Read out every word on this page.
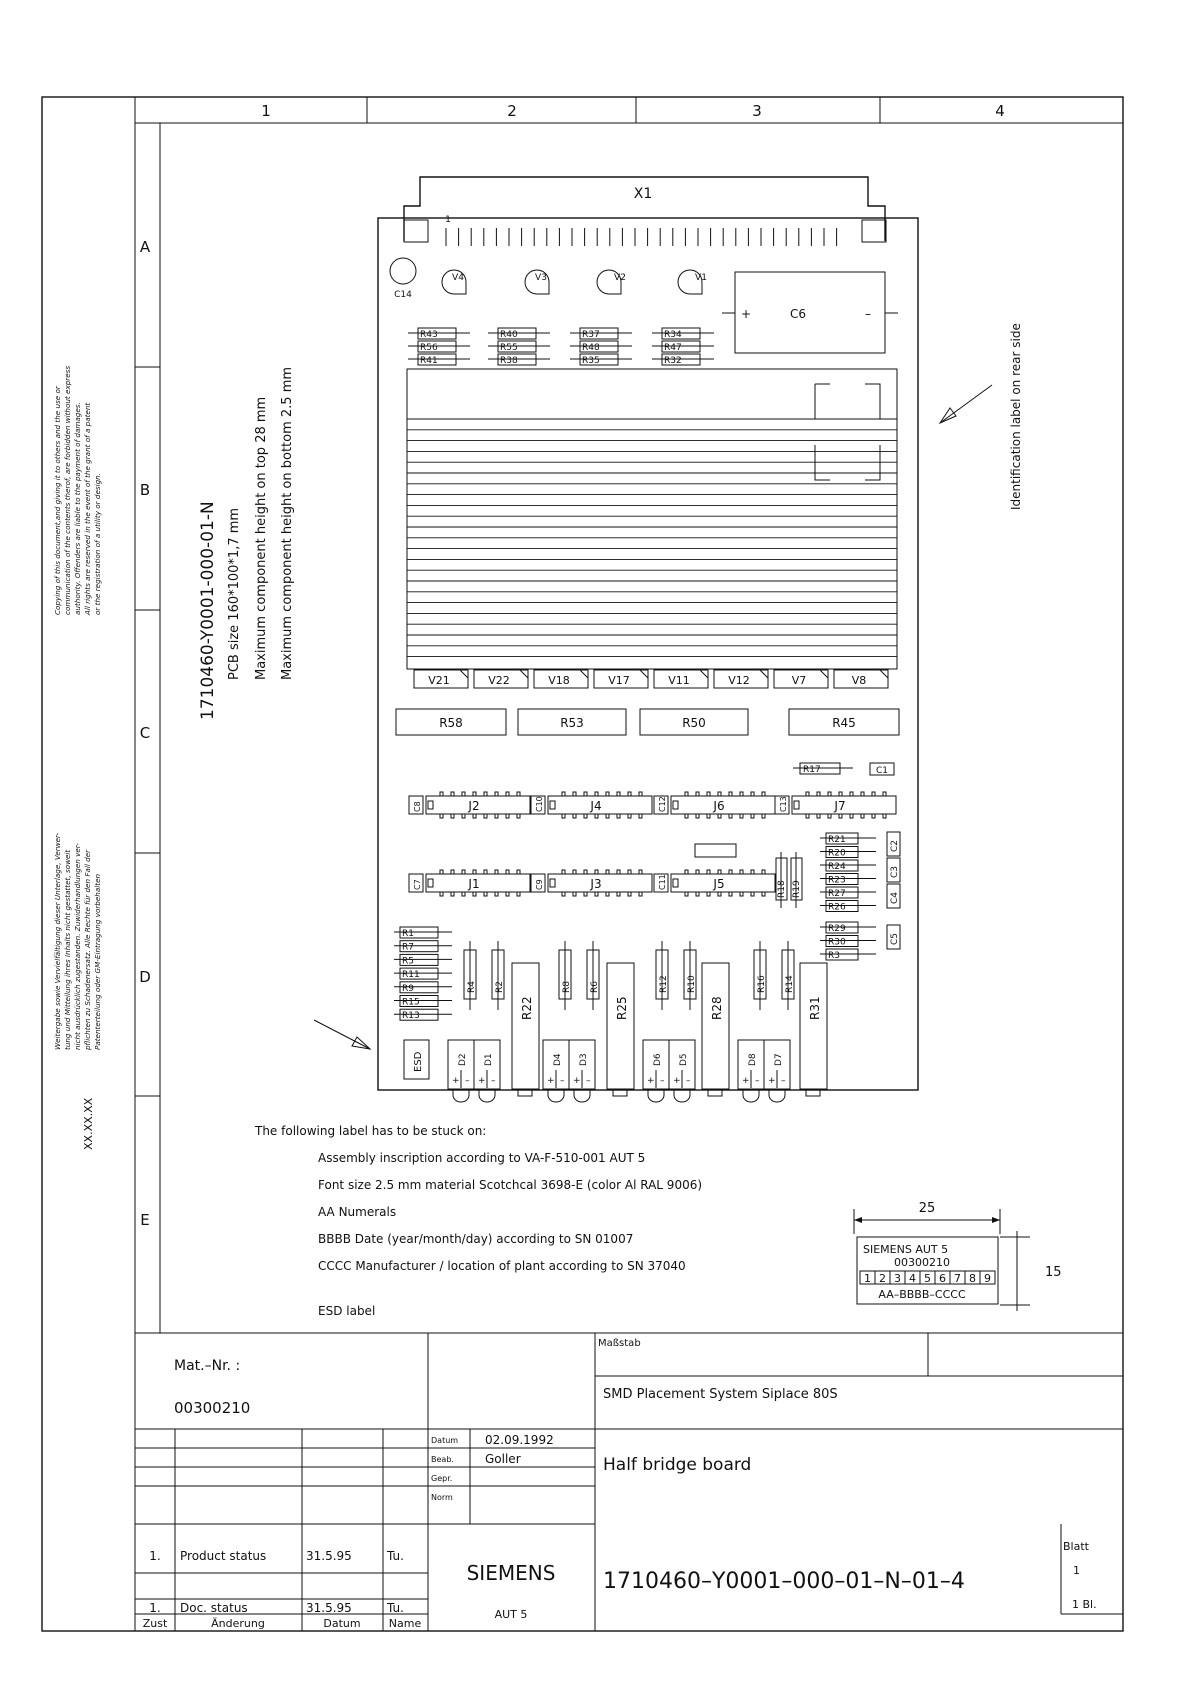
1	2	3	4
A
B
C
D
E
Copying of this document,and giving it to others and the use or communication of the contents therof, are forbidden without express authority. Offenders are liable to the payment of damages. All rights are reserved in the event of the grant of a patent or the registration of a utility or design.
Weitergabe sowie Vervielfältigung dieser Unterlage, Verwer- tung und Mitteilung ihres Inhalts nicht gestattet, soweit nicht ausdrücklich zugestanden. Zuwiderhandlungen ver- pflichten zu Schadenersatz. Alle Rechte für den Fall der Patenterteilung oder GM-Eintragung vorbehalten
XX.XX.XX
1710460-Y0001-000-01-N PCB size 160*100*1,7 mm Maximum component height on top 28 mm Maximum component height on bottom 2.5 mm
X1
1
C14
V4	V3	V2	V1
C6
+	–
R43
R56
R41
R40
R55
R38
R37
R48
R35
R34
R47
R32
V21	V22	V18	V17	V11	V12	V7	V8
R58	R53	R50	R45
R17	C1
C8	J2	C10	J4	C12	J6	C13	J7
C7	J1	C9	J3	C11	J5	R18 R19
R21
R20
R24
R23
R27
R26
R29
R30
R3
C2
C3
C4
C5
R1
R7
R5
R11
R9
R15
R13
R4 R2	R8 R6	R12 R10	R16 R14
R22	R25	R28	R31
D2
+ –
D1
+ –
D4
+ –
D3
+ –
D6
+ –
D5
+ –
D8
+ –
D7
+ –
ESD
Identification label on rear side
The following label has to be stuck on:
Assembly inscription according to VA-F-510-001 AUT 5
Font size 2.5 mm material Scotchcal 3698-E (color Al RAL 9006)
AA Numerals
BBBB Date (year/month/day) according to SN 01007
CCCC Manufacturer / location of plant according to SN 37040
ESD label
25
15
SIEMENS AUT 5
00300210
1 2 3 4 5 6 7 8 9
AA–BBBB–CCCC
Mat.–Nr. :
00300210
Maßstab
SMD Placement System Siplace 80S
Half bridge board
Datum 02.09.1992
Beab.	Goller
Gepr.
Norm
1. Product status	31.5.95	Tu.
1. Doc. status	31.5.95	Tu.
Zust	Änderung	Datum	Name
SIEMENS
AUT 5
1710460–Y0001–000–01–N–01–4
Blatt
1
1 Bl.
